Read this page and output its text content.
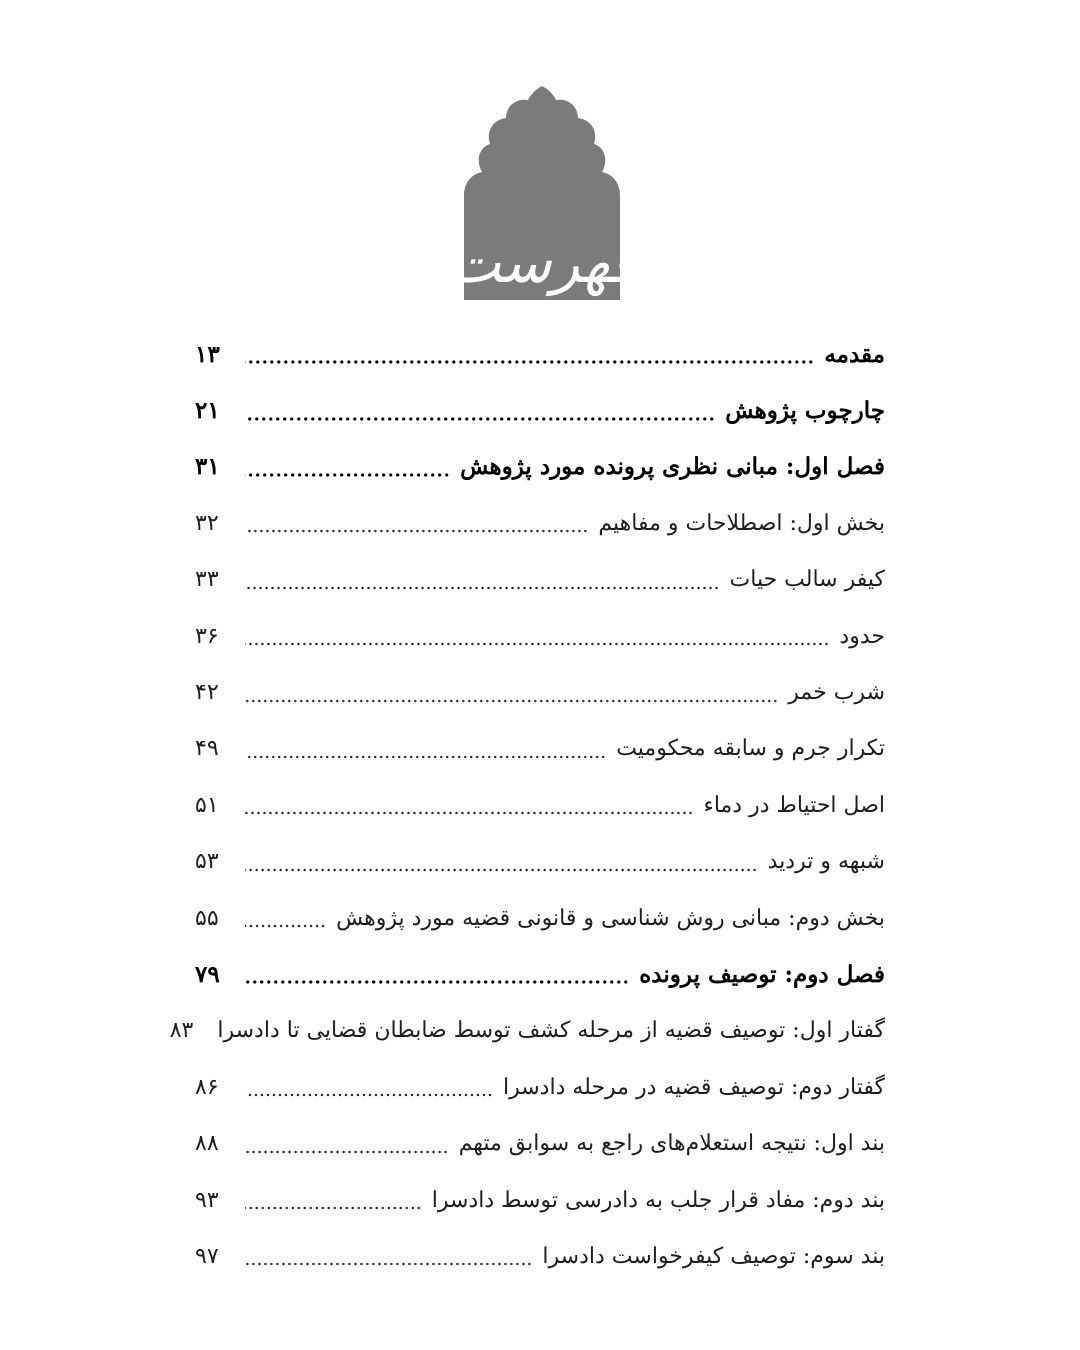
فهرست
مقدمه
۱۳
چارچوب پژوهش
۲۱
فصل اول: مبانی نظری پرونده مورد پژوهش
۳۱
بخش اول: اصطلاحات و مفاهیم
۳۲
کیفر سالب حیات
۳۳
حدود
۳۶
شرب خمر
۴۲
تکرار جرم و سابقه محکومیت
۴۹
اصل احتیاط در دماء
۵۱
شبهه و تردید
۵۳
بخش دوم: مبانی روش شناسی و قانونی قضیه مورد پژوهش
۵۵
فصل دوم: توصیف پرونده
۷۹
گفتار اول: توصیف قضیه از مرحله کشف توسط ضابطان قضایی تا دادسرا
۸۳
گفتار دوم: توصیف قضیه در مرحله دادسرا
۸۶
بند اول: نتیجه استعلام‌های راجع به سوابق متهم
۸۸
بند دوم: مفاد قرار جلب به دادرسی توسط دادسرا
۹۳
بند سوم: توصیف کیفرخواست دادسرا
۹۷
